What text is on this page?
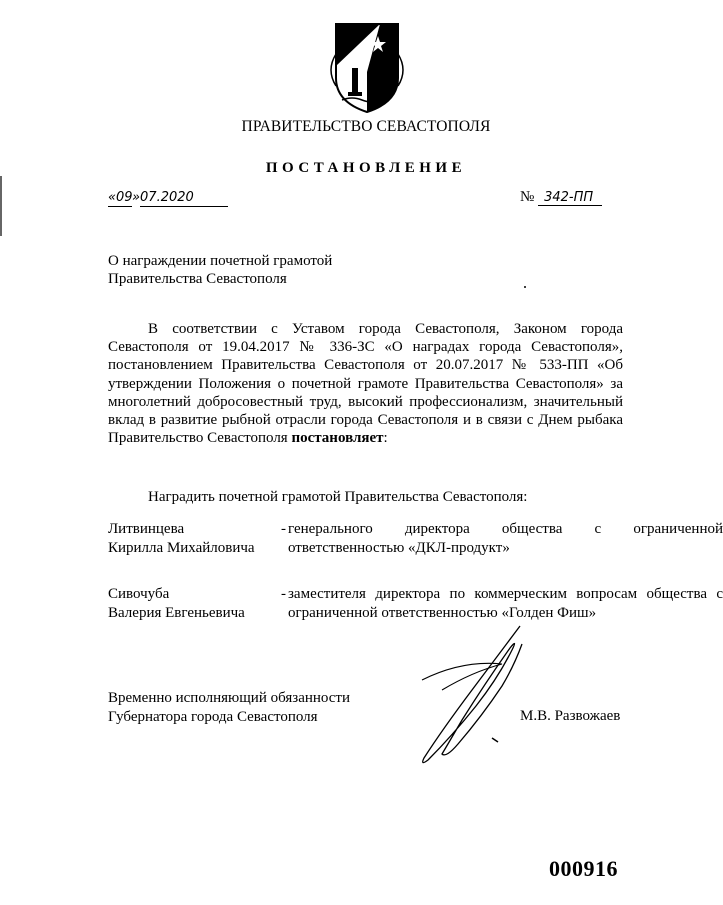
ПРАВИТЕЛЬСТВО СЕВАСТОПОЛЯ
ПОСТАНОВЛЕНИЕ
«09»07.2020	№ 342-ПП
О награждении почетной грамотой
Правительства Севастополя
В соответствии с Уставом города Севастополя, Законом города Севастополя от 19.04.2017 № 336-ЗС «О наградах города Севастополя», постановлением Правительства Севастополя от 20.07.2017 № 533-ПП «Об утверждении Положения о почетной грамоте Правительства Севастополя» за многолетний добросовестный труд, высокий профессионализм, значительный вклад в развитие рыбной отрасли города Севастополя и в связи с Днем рыбака Правительство Севастополя постановляет:
Наградить почетной грамотой Правительства Севастополя:
Литвинцева
Кирилла Михайловича
- генерального директора общества с ограниченной ответственностью «ДКЛ-продукт»
Сивочуба
Валерия Евгеньевича
- заместителя директора по коммерческим вопросам общества с ограниченной ответственностью «Голден Фиш»
Временно исполняющий обязанности
Губернатора города Севастополя	М.В. Развожаев
000916
